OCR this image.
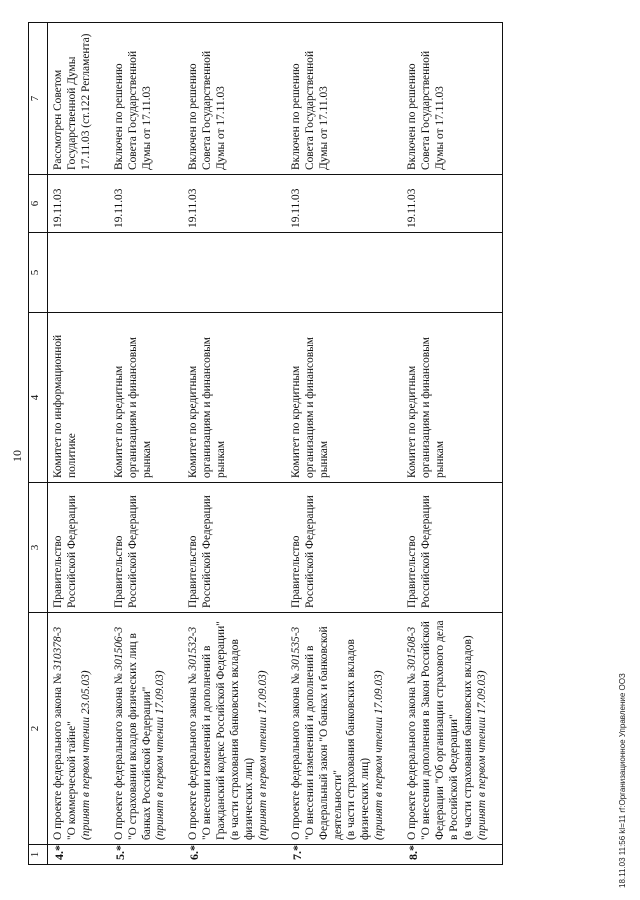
10
1	2	3	4	5	6	7
4.*	О проекте федерального закона № 310378-3 "О коммерческой тайне" (принят в первом чтении 23.05.03)	Правительство Российской Федерации	Комитет по информационной политике		19.11.03	Рассмотрен Советом Государственной Думы 17.11.03 (ст.122 Регламента)
5.*	О проекте федерального закона № 301506-3 "О страховании вкладов физических лиц в банках Российской Федерации" (принят в первом чтении 17.09.03)	Правительство Российской Федерации	Комитет по кредитным организациям и финансовым рынкам		19.11.03	Включен по решению Совета Государственной Думы от 17.11.03
6.*	О проекте федерального закона № 301532-3 "О внесении изменений и дополнений в Гражданский кодекс Российской Федерации" (в части страхования банковских вкладов физических лиц) (принят в первом чтении 17.09.03)	Правительство Российской Федерации	Комитет по кредитным организациям и финансовым рынкам		19.11.03	Включен по решению Совета Государственной Думы от 17.11.03
7.*	О проекте федерального закона № 301535-3 "О внесении изменений и дополнений в Федеральный закон "О банках и банковской деятельности" (в части страхования банковских вкладов физических лиц) (принят в первом чтении 17.09.03)	Правительство Российской Федерации	Комитет по кредитным организациям и финансовым рынкам		19.11.03	Включен по решению Совета Государственной Думы от 17.11.03
8.*	О проекте федерального закона № 301508-3 "О внесении дополнения в Закон Российской Федерации "Об организации страхового дела в Российской Федерации" (в части страхования банковских вкладов) (принят в первом чтении 17.09.03)	Правительство Российской Федерации	Комитет по кредитным организациям и финансовым рынкам		19.11.03	Включен по решению Совета Государственной Думы от 17.11.03
18.11.03 11:56 kl=11 rf:Организационное Управление ООЗ
